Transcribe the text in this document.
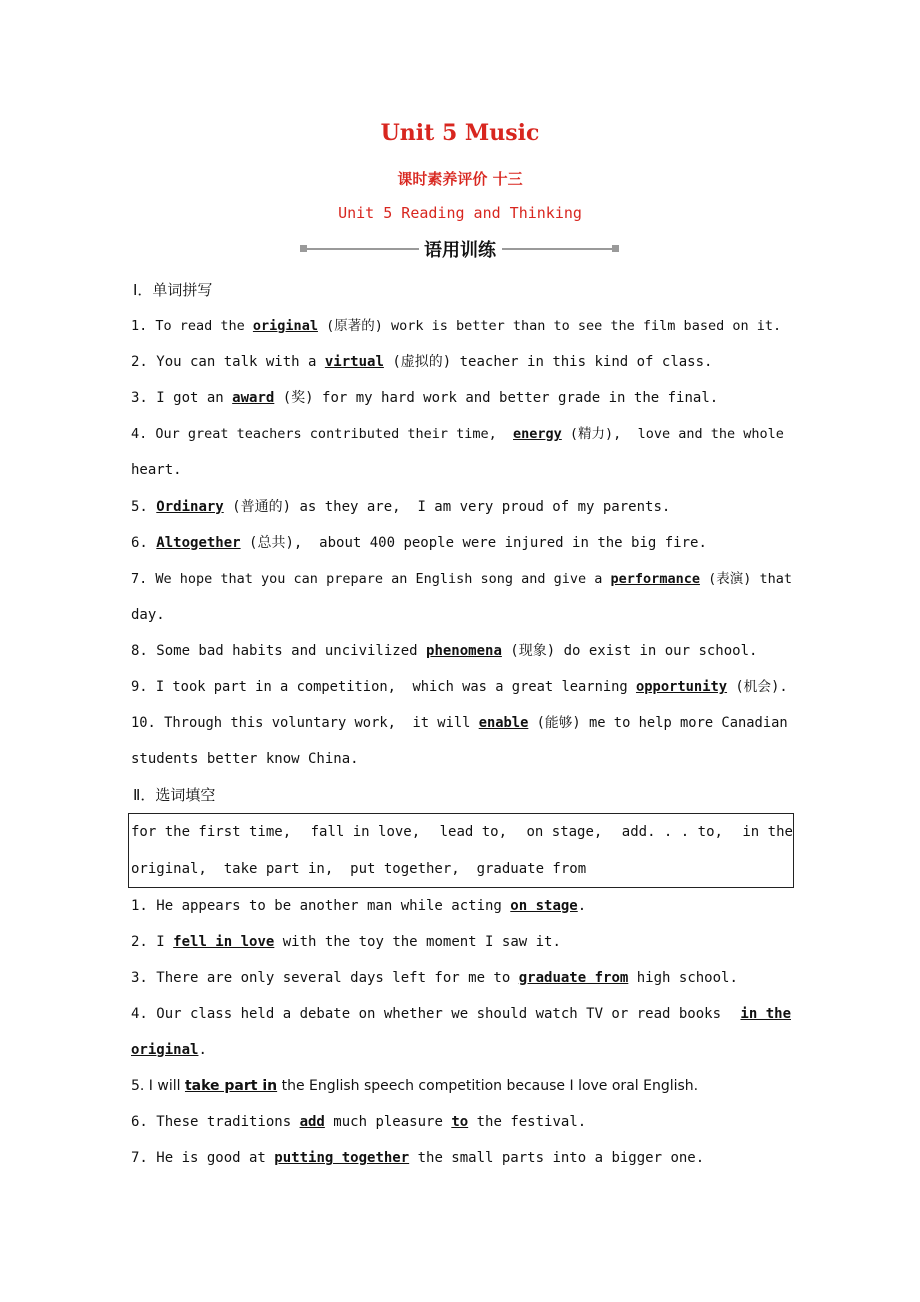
Unit 5 Music
课时素养评价 十三
Unit 5 Reading and Thinking
语用训练
Ⅰ．单词拼写
1. To read the original (原著的) work is better than to see the film based on it.
2. You can talk with a virtual (虚拟的) teacher in this kind of class.
3. I got an award (奖) for my hard work and better grade in the final.
4. Our great teachers contributed their time,  energy (精力),  love and the whole
heart.
5. Ordinary (普通的) as they are,  I am very proud of my parents.
6. Altogether (总共),  about 400 people were injured in the big fire.
7. We hope that you can prepare an English song and give a performance (表演) that
day.
8. Some bad habits and uncivilized phenomena (现象) do exist in our school.
9. I took part in a competition,  which was a great learning opportunity (机会).
10. Through this voluntary work,  it will enable (能够) me to help more Canadian
students better know China.
Ⅱ．选词填空
for the first time, fall in love, lead to, on stage, add. . . to, in the
original,  take part in,  put together,  graduate from
1. He appears to be another man while acting on stage.
2. I fell in love with the toy the moment I saw it.
3. There are only several days left for me to graduate from high school.
4. Our class held a debate on whether we should watch TV or read books in the
original.
5. I will take part in the English speech competition because I love oral English.
6. These traditions add much pleasure to the festival.
7. He is good at putting together the small parts into a bigger one.
